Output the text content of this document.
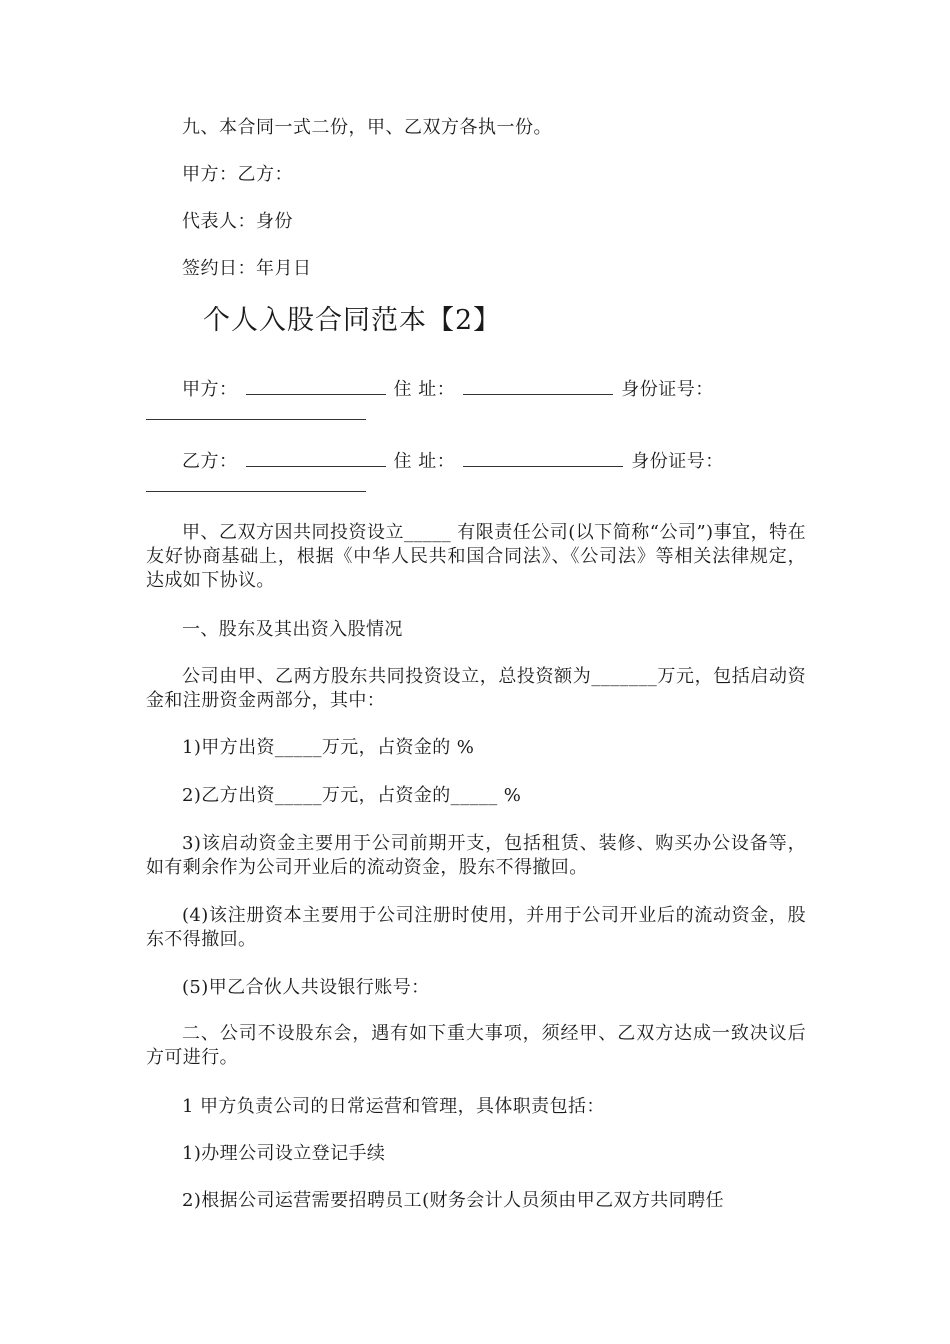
九、本合同一式二份，甲、乙双方各执一份。
甲方：乙方：
代表人：身份
签约日：年月日
个人入股合同范本【2】
甲方：	住 址：	身份证号：
乙方：	住 址：	身份证号：
甲、乙双方因共同投资设立_____ 有限责任公司(以下简称“公司”)事宜，特在友好协商基础上，根据《中华人民共和国合同法》、《公司法》等相关法律规定，达成如下协议。
一、股东及其出资入股情况
公司由甲、乙两方股东共同投资设立，总投资额为_______万元，包括启动资金和注册资金两部分，其中：
1)甲方出资_____万元，占资金的 %
2)乙方出资_____万元，占资金的_____ %
3)该启动资金主要用于公司前期开支，包括租赁、装修、购买办公设备等，如有剩余作为公司开业后的流动资金，股东不得撤回。
(4)该注册资本主要用于公司注册时使用，并用于公司开业后的流动资金，股东不得撤回。
(5)甲乙合伙人共设银行账号：
二、公司不设股东会，遇有如下重大事项，须经甲、乙双方达成一致决议后方可进行。
1 甲方负责公司的日常运营和管理，具体职责包括：
1)办理公司设立登记手续
2)根据公司运营需要招聘员工(财务会计人员须由甲乙双方共同聘任
